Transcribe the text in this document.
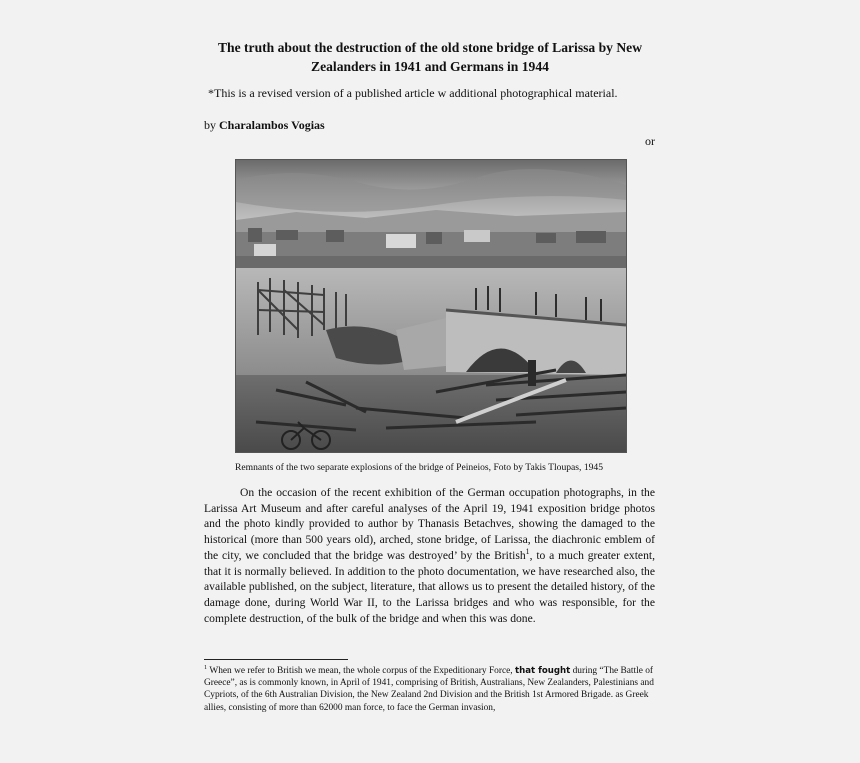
The truth about the destruction of the old stone bridge of Larissa by New Zealanders in 1941 and Germans in 1944

*This is a revised version of a published article w additional photographical material.

by Charalambos Vogias

or

Remnants of the two separate explosions of the bridge of Peineios, Foto by Takis Tloupas, 1945

On the occasion of the recent exhibition of the German occupation photographs, in the Larissa Art Museum and after careful analyses of the April 19, 1941 exposition bridge photos and the photo kindly provided to author by Thanasis Betachves, showing the damaged to the historical (more than 500 years old), arched, stone bridge, of Larissa, the diachronic emblem of the city, we concluded that the bridge was destroyed’ by the British$^1$, to a much greater extent, that it is normally believed. In addition to the photo documentation, we have researched also, the available published, on the subject, literature, that allows us to present the detailed history, of the damage done, during World War II, to the Larissa bridges and who was responsible, for the complete destruction, of the bulk of the bridge and when this was done.

$^1$ When we refer to British we mean, the whole corpus of the Expeditionary Force, that fought during “The Battle of Greece”, as is commonly known, in April of 1941, comprising of British, Australians, New Zealanders, Palestinians and Cypriots, of the 6th Australian Division, the New Zealand 2nd Division and the British 1st Armored Brigade. as Greek allies, consisting of more than 62000 man force, to face the German invasion,
